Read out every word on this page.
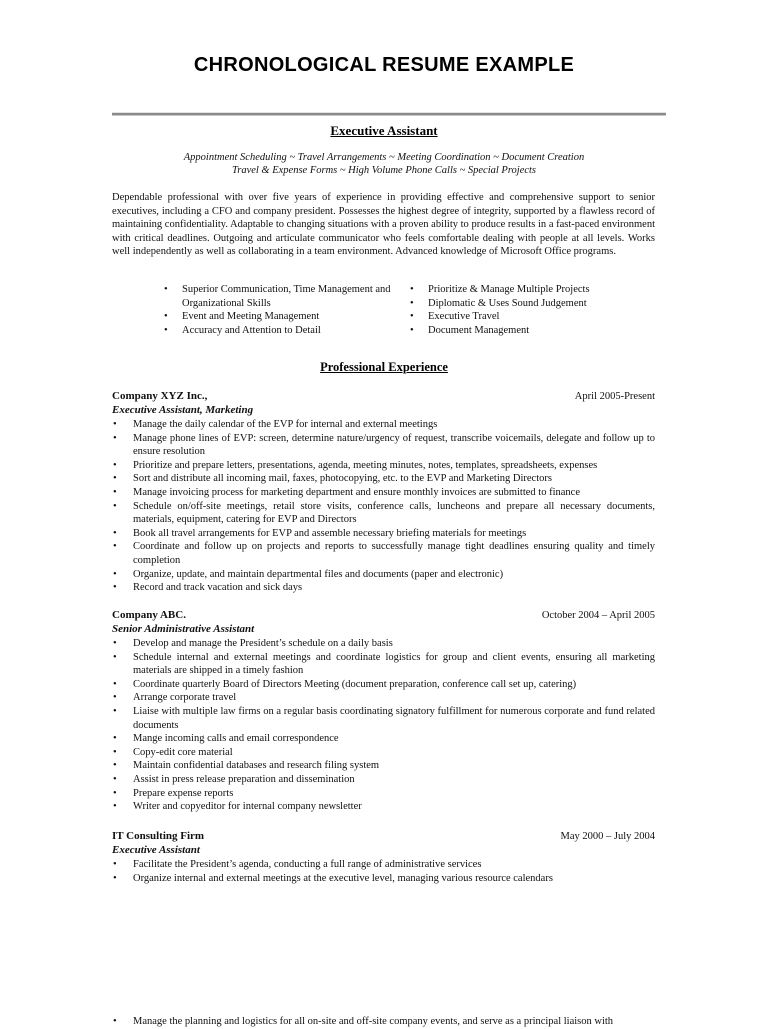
CHRONOLOGICAL RESUME EXAMPLE
Executive Assistant
Appointment Scheduling ~ Travel Arrangements ~ Meeting Coordination ~ Document Creation
Travel & Expense Forms ~ High Volume Phone Calls ~ Special Projects

Dependable professional with over five years of experience in providing effective and comprehensive support to senior executives, including a CFO and company president. Possesses the highest degree of integrity, supported by a flawless record of maintaining confidentiality. Adaptable to changing situations with a proven ability to produce results in a fast-paced environment with critical deadlines. Outgoing and articulate communicator who feels comfortable dealing with people at all levels. Works well independently as well as collaborating in a team environment. Advanced knowledge of Microsoft Office programs.

• Superior Communication, Time Management and Organizational Skills
• Event and Meeting Management
• Accuracy and Attention to Detail
• Prioritize & Manage Multiple Projects
• Diplomatic & Uses Sound Judgement
• Executive Travel
• Document Management
Professional Experience
Company XYZ Inc.,	April 2005-Present
Executive Assistant, Marketing
• Manage the daily calendar of the EVP for internal and external meetings
• Manage phone lines of EVP: screen, determine nature/urgency of request, transcribe voicemails, delegate and follow up to ensure resolution
• Prioritize and prepare letters, presentations, agenda, meeting minutes, notes, templates, spreadsheets, expenses
• Sort and distribute all incoming mail, faxes, photocopying, etc. to the EVP and Marketing Directors
• Manage invoicing process for marketing department and ensure monthly invoices are submitted to finance
• Schedule on/off-site meetings, retail store visits, conference calls, luncheons and prepare all necessary documents, materials, equipment, catering for EVP and Directors
• Book all travel arrangements for EVP and assemble necessary briefing materials for meetings
• Coordinate and follow up on projects and reports to successfully manage tight deadlines ensuring quality and timely completion
• Organize, update, and maintain departmental files and documents (paper and electronic)
• Record and track vacation and sick days
Company ABC.	October 2004 – April 2005
Senior Administrative Assistant
• Develop and manage the President’s schedule on a daily basis
• Schedule internal and external meetings and coordinate logistics for group and client events, ensuring all marketing materials are shipped in a timely fashion
• Coordinate quarterly Board of Directors Meeting (document preparation, conference call set up, catering)
• Arrange corporate travel
• Liaise with multiple law firms on a regular basis coordinating signatory fulfillment for numerous corporate and fund related documents
• Mange incoming calls and email correspondence
• Copy-edit core material
• Maintain confidential databases and research filing system
• Assist in press release preparation and dissemination
• Prepare expense reports
• Writer and copyeditor for internal company newsletter
IT Consulting Firm	May 2000 – July 2004
Executive Assistant
• Facilitate the President’s agenda, conducting a full range of administrative services
• Organize internal and external meetings at the executive level, managing various resource calendars
• Manage the planning and logistics for all on-site and off-site company events, and serve as a principal liaison with
